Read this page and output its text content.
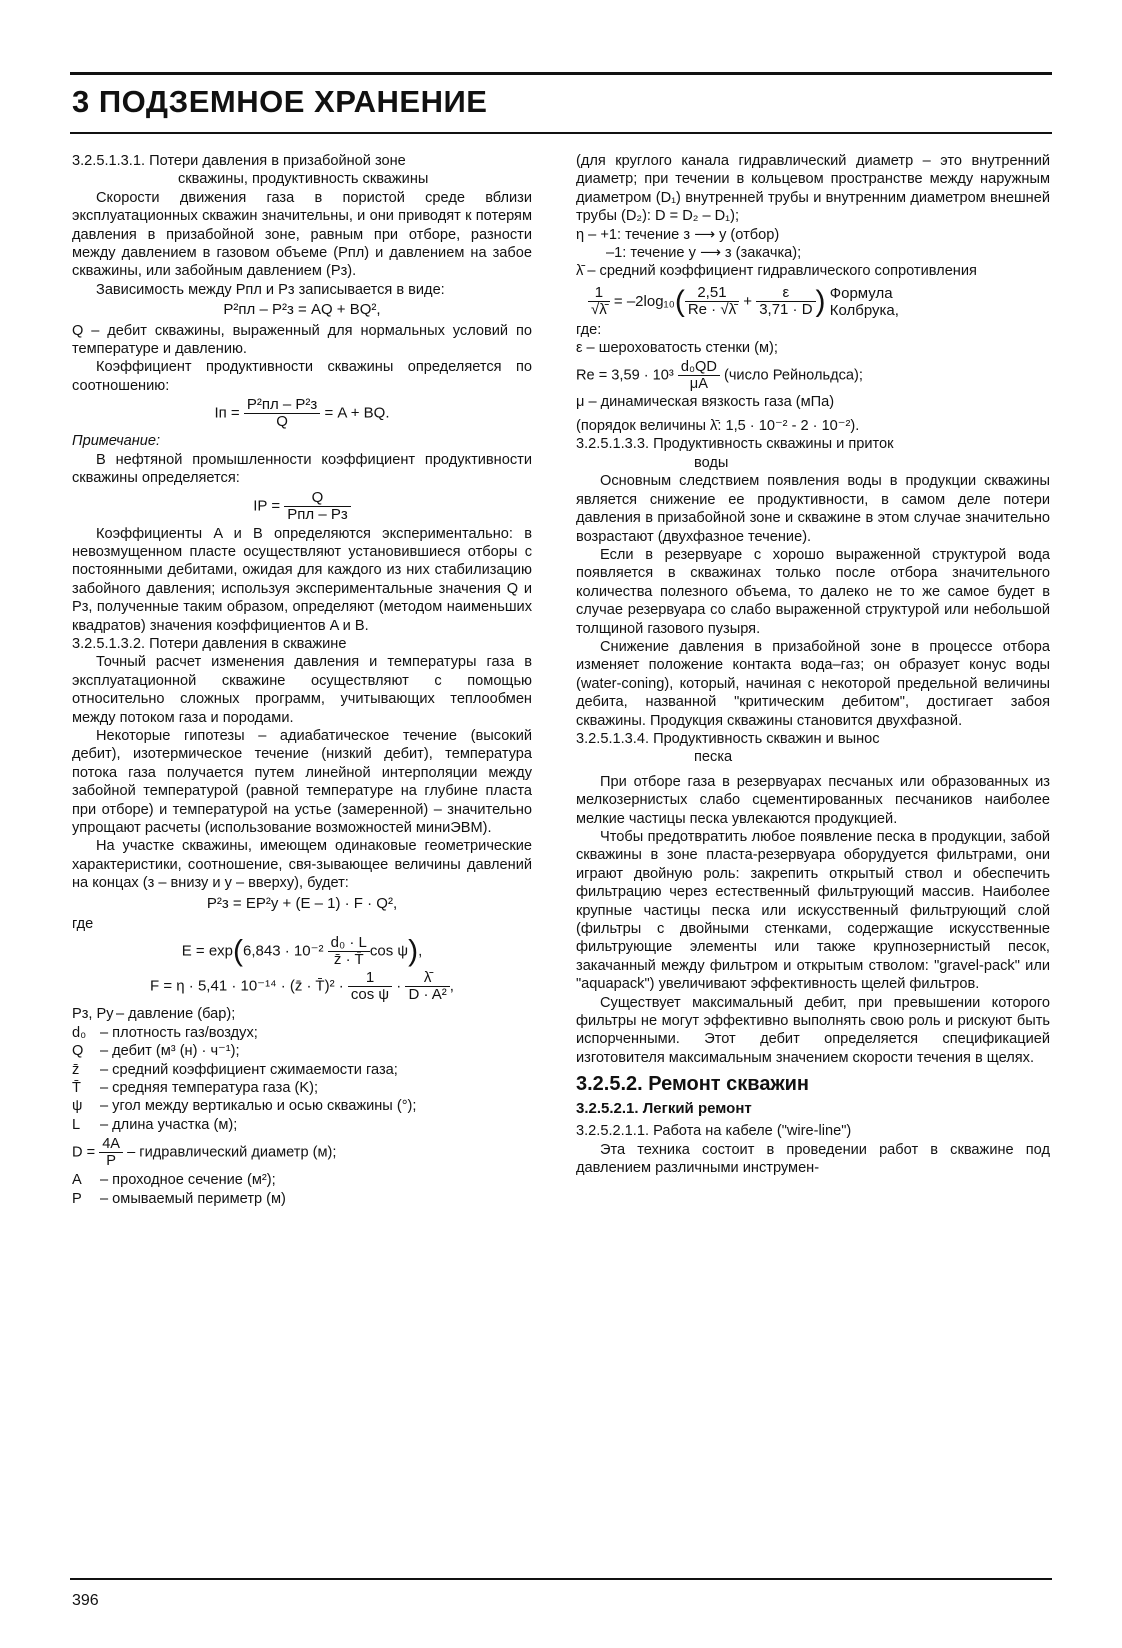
3 ПОДЗЕМНОЕ ХРАНЕНИЕ

3.2.5.1.3.1. Потери давления в призабойной зоне

скважины, продуктивность скважины

Скорости движения газа в пористой среде вблизи эксплуатационных скважин значительны, и они приводят к потерям давления в призабойной зоне, равным при отборе, разности между давлением в газовом объеме (Pпл) и давлением на забое скважины, или забойным давлением (Pз).

Зависимость между Pпл и Pз записывается в виде:

P²пл – P²з = AQ + BQ²,

Q – дебит скважины, выраженный для нормальных условий по температуре и давлению.

Коэффициент продуктивности скважины определяется по соотношению:

Iп = $\frac{\text{P²пл – P²з}}{Q} = A$ + BQ.

Примечание:

В нефтяной промышленности коэффициент продуктивности скважины определяется:

IP = $\frac{Q}{\text{Pпл – Pз}}$

Коэффициенты A и B определяются экспериментально: в невозмущенном пласте осуществляют установившиеся отборы с постоянными дебитами, ожидая для каждого из них стабилизацию забойного давления; используя экспериментальные значения Q и Pз, полученные таким образом, определяют (методом наименьших квадратов) значения коэффициентов A и B.

3.2.5.1.3.2. Потери давления в скважине

Точный расчет изменения давления и температуры газа в эксплуатационной скважине осуществляют с помощью относительно сложных программ, учитывающих теплообмен между потоком газа и породами.

Некоторые гипотезы – адиабатическое течение (высокий дебит), изотермическое течение (низкий дебит), температура потока газа получается путем линейной интерполяции между забойной температурой (равной температуре на глубине пласта при отборе) и температурой на устье (замеренной) – значительно упрощают расчеты (использование возможностей миниЭВМ).

На участке скважины, имеющем одинаковые геометрические характеристики, соотношение, свя-зывающее величины давлений на концах (з – внизу и y – вверху), будет:

P²з = EP²y + (E – 1) · F · Q²,

где

$E = \exp(6,843 \cdot 10^{-2} \frac{\text{d₀ · L}}{z̄ \cdot T̄}$ cos ψ),
F = η · 5,41 · 10⁻¹⁴ · (z̄ · T̄)² · $\frac{1}{\text{cos ψ}} \cdot \frac{\lambdā}{\text{D · A²}}$ ,
Pз, Py – давление (бар);
d₀ – плотность газ/воздух;
Q	– дебит (м³ (н) · ч⁻¹);
z̄	– средний коэффициент сжимаемости газа;
T̄	– средняя температура газа (K);
ψ	– угол между вертикалью и осью скважины (°);
L	– длина участка (м);
$D = \frac{4A}{P}$ – гидравлический диаметр (м);
A	– проходное сечение (м²);
P	– омываемый периметр (м)

(для круглого канала гидравлический диаметр – это внутренний диаметр; при течении в кольцевом пространстве между наружным диаметром (D₁) внутренней трубы и внутренним диаметром внешней трубы (D₂): D = D₂ – D₁);

η – +1: течение з ⟶ y (отбор)

–1: течение y ⟶ з (закачка);

λ̄ – средний коэффициент гидравлического сопротивления

$\frac{1}{√\lambdā} = -2\log_{10}( \frac{2,51}{Re \cdot √\lambdā} + \frac{\varepsilon}{3,71 \cdot D}$ ) Формула Колбрука,

где:

ε – шероховатость стенки (м);

$Re = 3,59 \cdot 10^3 \frac{\text{d₀QD}}{\mu A}$ (число Рейнольдса);

μ – динамическая вязкость газа (мПа)

(порядок величины λ̄: 1,5 · 10⁻² - 2 · 10⁻²).

3.2.5.1.3.3. Продуктивность скважины и приток

воды

Основным следствием появления воды в продукции скважины является снижение ее продуктивности, в самом деле потери давления в призабойной зоне и скважине в этом случае значительно возрастают (двухфазное течение).

Если в резервуаре с хорошо выраженной структурой вода появляется в скважинах только после отбора значительного количества полезного объема, то далеко не то же самое будет в случае резервуара со слабо выраженной структурой или небольшой толщиной газового пузыря.

Снижение давления в призабойной зоне в процессе отбора изменяет положение контакта вода–газ; он образует конус воды (water-coning), который, начиная с некоторой предельной величины дебита, названной "критическим дебитом", достигает забоя скважины. Продукция скважины становится двухфазной.

3.2.5.1.3.4. Продуктивность скважин и вынос

песка

При отборе газа в резервуарах песчаных или образованных из мелкозернистых слабо сцементированных песчаников наиболее мелкие частицы песка увлекаются продукцией.

Чтобы предотвратить любое появление песка в продукции, забой скважины в зоне пласта-резервуара оборудуется фильтрами, они играют двойную роль: закрепить открытый ствол и обеспечить фильтрацию через естественный фильтрующий массив. Наиболее крупные частицы песка или искусственный фильтрующий слой (фильтры с двойными стенками, содержащие искусственные фильтрующие элементы или также крупнозернистый песок, закачанный между фильтром и открытым стволом: "gravel-pack" или "aquapack") увеличивают эффективность щелей фильтров.

Существует максимальный дебит, при превышении которого фильтры не могут эффективно выполнять свою роль и рискуют быть испорченными. Этот дебит определяется спецификацией изготовителя максимальным значением скорости течения в щелях.

3.2.5.2. Ремонт скважин
3.2.5.2.1. Легкий ремонт

3.2.5.2.1.1. Работа на кабеле ("wire-line")

Эта техника состоит в проведении работ в скважине под давлением различными инструмен-

396
